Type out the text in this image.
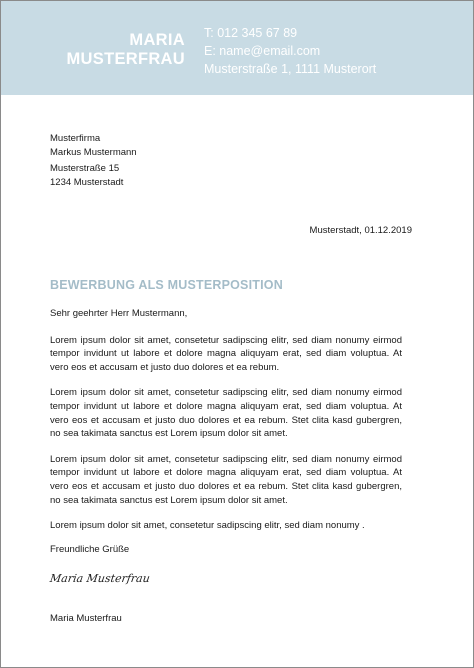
MARIA
MUSTERFRAU
T: 012 345 67 89
E: name@email.com
Musterstraße 1, 1111 Musterort
Musterfirma
Markus Mustermann
Musterstraße 15
1234 Musterstadt
Musterstadt, 01.12.2019
BEWERBUNG ALS MUSTERPOSITION

Sehr geehrter Herr Mustermann,

Lorem ipsum dolor sit amet, consetetur sadipscing elitr, sed diam nonumy eirmod tempor invidunt ut labore et dolore magna aliquyam erat, sed diam voluptua. At vero eos et accusam et justo duo dolores et ea rebum.

Lorem ipsum dolor sit amet, consetetur sadipscing elitr, sed diam nonumy eirmod tempor invidunt ut labore et dolore magna aliquyam erat, sed diam voluptua. At vero eos et accusam et justo duo dolores et ea rebum. Stet clita kasd gubergren, no sea takimata sanctus est Lorem ipsum dolor sit amet.

Lorem ipsum dolor sit amet, consetetur sadipscing elitr, sed diam nonumy eirmod tempor invidunt ut labore et dolore magna aliquyam erat, sed diam voluptua. At vero eos et accusam et justo duo dolores et ea rebum. Stet clita kasd gubergren, no sea takimata sanctus est Lorem ipsum dolor sit amet.

Lorem ipsum dolor sit amet, consetetur sadipscing elitr, sed diam nonumy .

Freundliche Grüße
Maria Musterfrau
Maria Musterfrau
